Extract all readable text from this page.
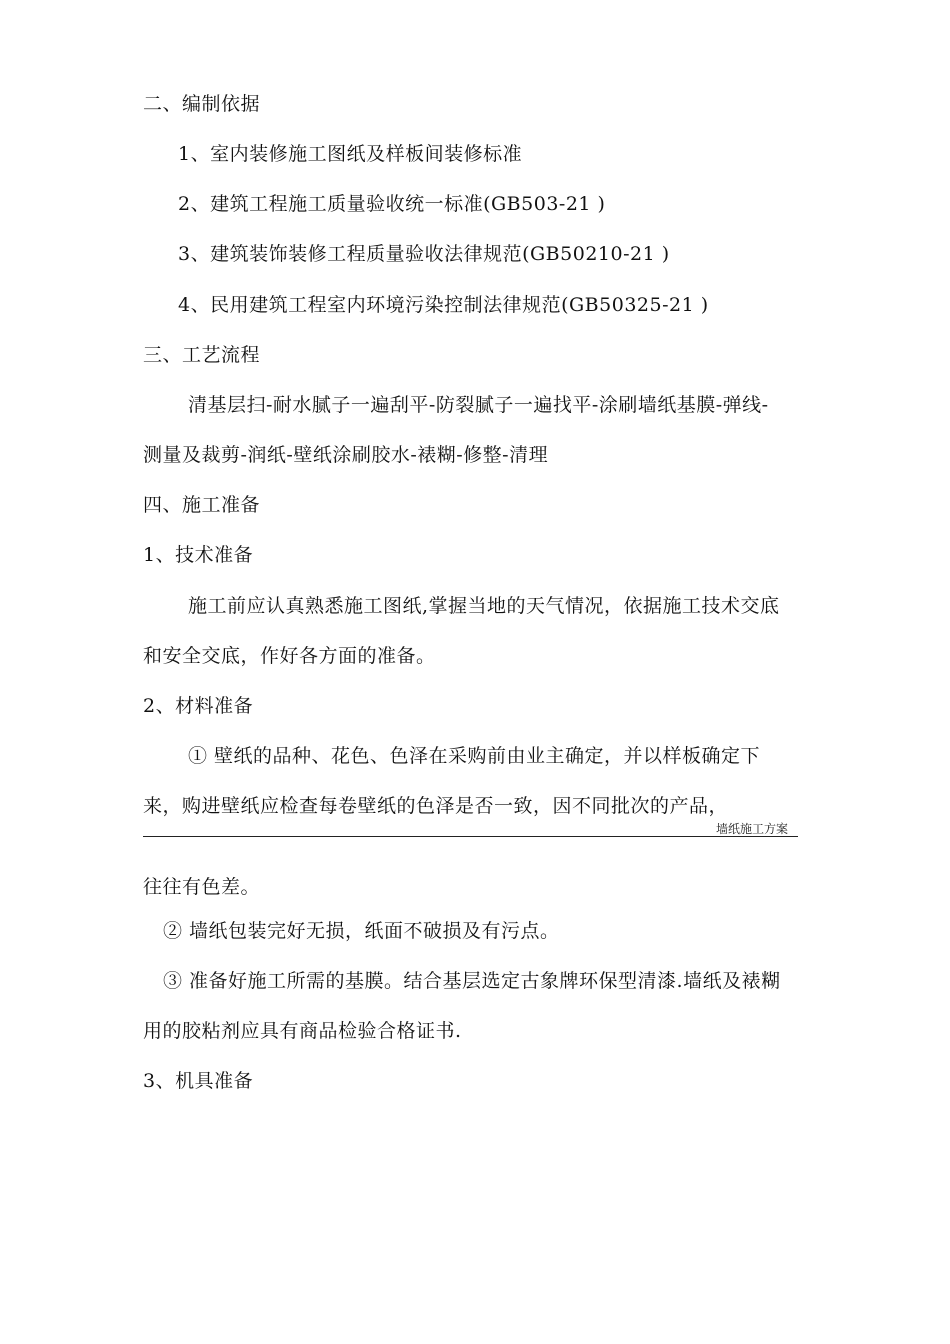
二、编制依据
1、室内装修施工图纸及样板间装修标准
2、建筑工程施工质量验收统一标准(GB503-21 )
3、建筑装饰装修工程质量验收法律规范(GB50210-21 )
4、民用建筑工程室内环境污染控制法律规范(GB50325-21 )
三、工艺流程
清基层扫-耐水腻子一遍刮平-防裂腻子一遍找平-涂刷墙纸基膜-弹线-
测量及裁剪-润纸-壁纸涂刷胶水-裱糊-修整-清理
四、施工准备
1、技术准备
施工前应认真熟悉施工图纸,掌握当地的天气情况，依据施工技术交底
和安全交底，作好各方面的准备。
2、材料准备
① 壁纸的品种、花色、色泽在采购前由业主确定，并以样板确定下
来，购进壁纸应检查每卷壁纸的色泽是否一致，因不同批次的产品，
墙纸施工方案
往往有色差。
② 墙纸包装完好无损，纸面不破损及有污点。
③ 准备好施工所需的基膜。结合基层选定古象牌环保型清漆.墙纸及裱糊
用的胶粘剂应具有商品检验合格证书.
3、机具准备
